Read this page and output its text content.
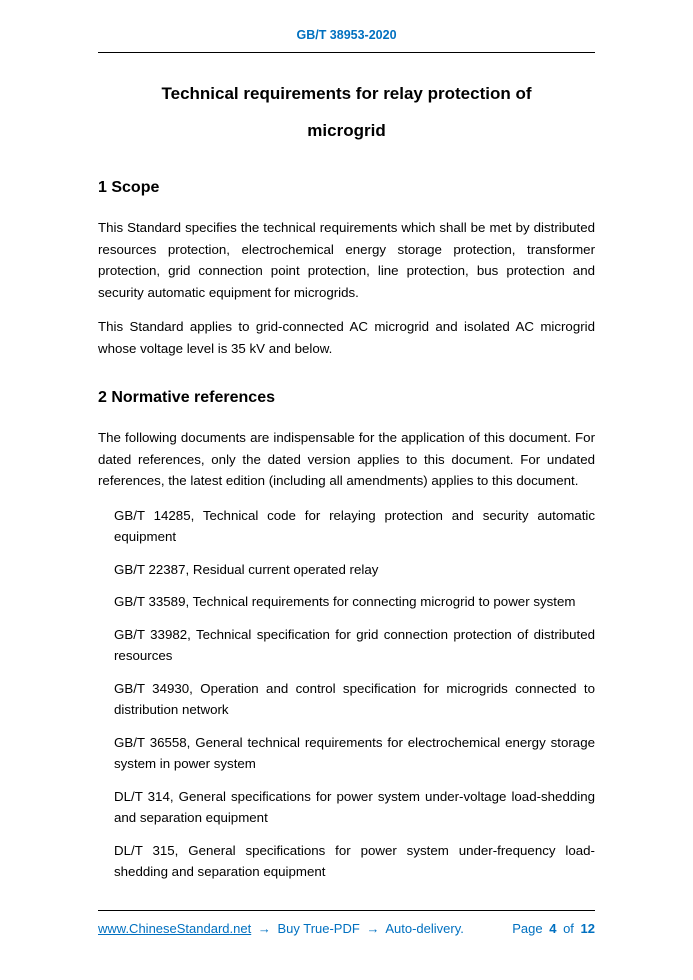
GB/T 38953-2020
Technical requirements for relay protection of
microgrid
1 Scope

This Standard specifies the technical requirements which shall be met by distributed resources protection, electrochemical energy storage protection, transformer protection, grid connection point protection, line protection, bus protection and security automatic equipment for microgrids.

This Standard applies to grid-connected AC microgrid and isolated AC microgrid whose voltage level is 35 kV and below.

2 Normative references

The following documents are indispensable for the application of this document. For dated references, only the dated version applies to this document. For undated references, the latest edition (including all amendments) applies to this document.

GB/T 14285, Technical code for relaying protection and security automatic equipment

GB/T 22387, Residual current operated relay

GB/T 33589, Technical requirements for connecting microgrid to power system

GB/T 33982, Technical specification for grid connection protection of distributed resources

GB/T 34930, Operation and control specification for microgrids connected to distribution network

GB/T 36558, General technical requirements for electrochemical energy storage system in power system

DL/T 314, General specifications for power system under-voltage load-shedding and separation equipment

DL/T 315, General specifications for power system under-frequency load-shedding and separation equipment

www.ChineseStandard.net → Buy True-PDF → Auto-delivery.	Page 4 of 12
